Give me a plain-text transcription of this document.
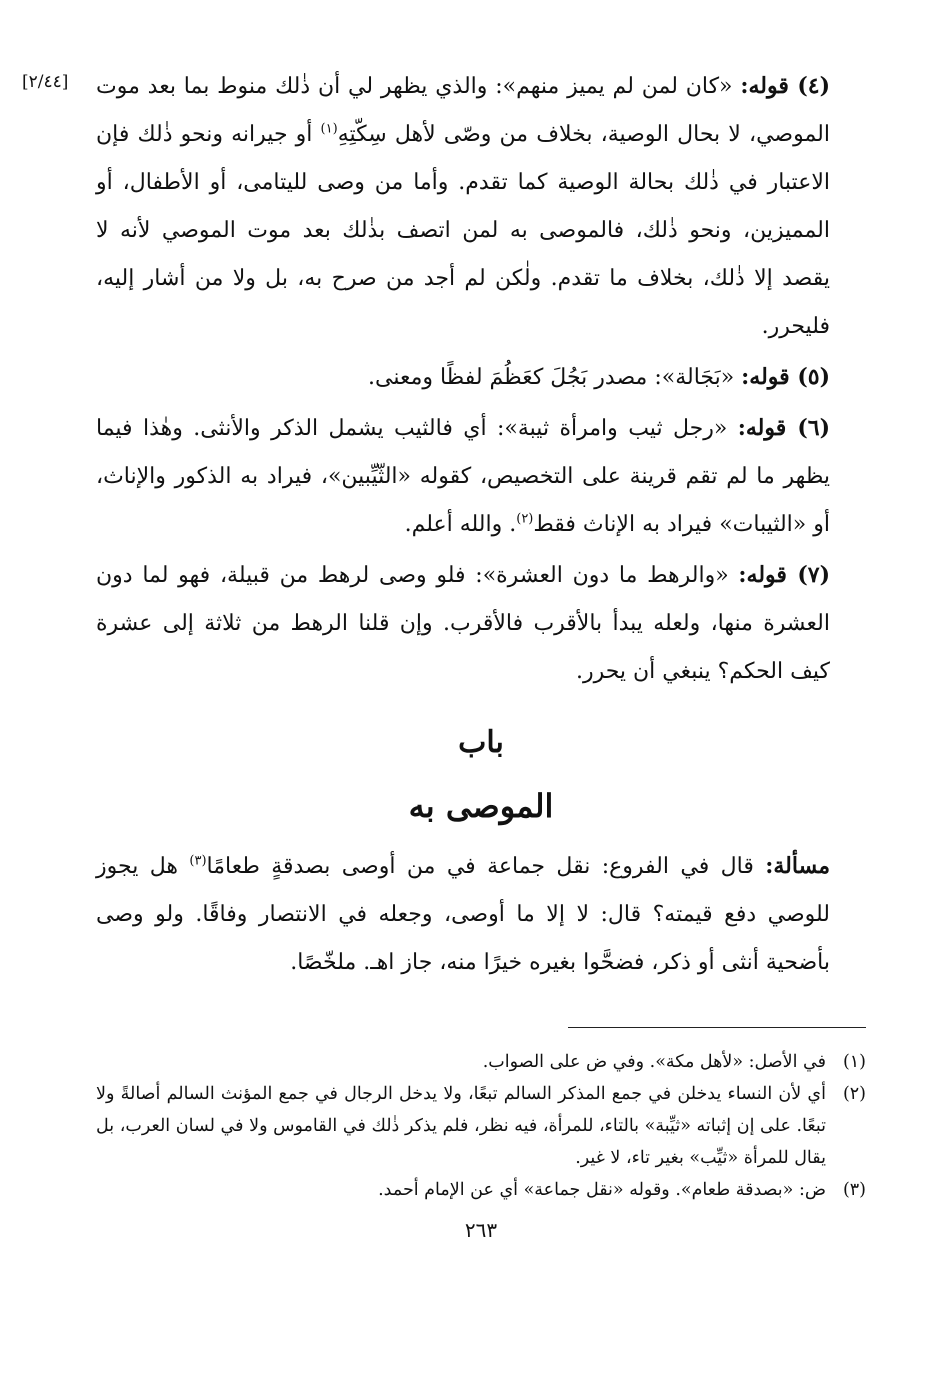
[٢/٤٤]	(٤) قوله: «كان لمن لم يميز منهم»: والذي يظهر لي أن ذٰلك منوط بما بعد موت الموصي، لا بحال الوصية، بخلاف من وصّى لأهل سِكّتِهِ$^{(١)}$ أو جيرانه ونحو ذٰلك فإن الاعتبار في ذٰلك بحالة الوصية كما تقدم. وأما من وصى لليتامى، أو الأطفال، أو المميزين، ونحو ذٰلك، فالموصى به لمن اتصف بذٰلك بعد موت الموصي لأنه لا يقصد إلا ذٰلك، بخلاف ما تقدم. ولٰكن لم أجد من صرح به، بل ولا من أشار إليه، فليحرر.

(٥) قوله: «بَجَالة»: مصدر بَجُلَ كعَظُمَ لفظًا ومعنى.

(٦) قوله: «رجل ثيب وامرأة ثيبة»: أي فالثيب يشمل الذكر والأنثى. وهٰذا فيما يظهر ما لم تقم قرينة على التخصيص، كقوله «الثّيِّبين»، فيراد به الذكور والإناث، أو «الثيبات» فيراد به الإناث فقط$^{(٢)}$. والله أعلم.

(٧) قوله: «والرهط ما دون العشرة»: فلو وصى لرهط من قبيلة، فهو لما دون العشرة منها، ولعله يبدأ بالأقرب فالأقرب. وإن قلنا الرهط من ثلاثة إلى عشرة كيف الحكم؟ ينبغي أن يحرر.

باب
الموصى به

مسألة: قال في الفروع: نقل جماعة في من أوصى بصدقةٍ طعامًا$^{(٣)}$ هل يجوز للوصي دفع قيمته؟ قال: لا إلا ما أوصى، وجعله في الانتصار وفاقًا. ولو وصى بأضحية أنثى أو ذكر، فضحَّوا بغيره خيرًا منه، جاز اهـ. ملخّصًا.

(١)
في الأصل: «لأهل مكة». وفي ض على الصواب.
(٢)
أي لأن النساء يدخلن في جمع المذكر السالم تبعًا، ولا يدخل الرجال في جمع المؤنث السالم أصالةً ولا تبعًا. على إن إثباته «ثيِّبة» بالتاء، للمرأة، فيه نظر، فلم يذكر ذٰلك في القاموس ولا في لسان العرب، بل يقال للمرأة «ثيِّب» بغير تاء، لا غير.
(٣)
ض: «بصدقة طعام». وقوله «نقل جماعة» أي عن الإمام أحمد.
٢٦٣
